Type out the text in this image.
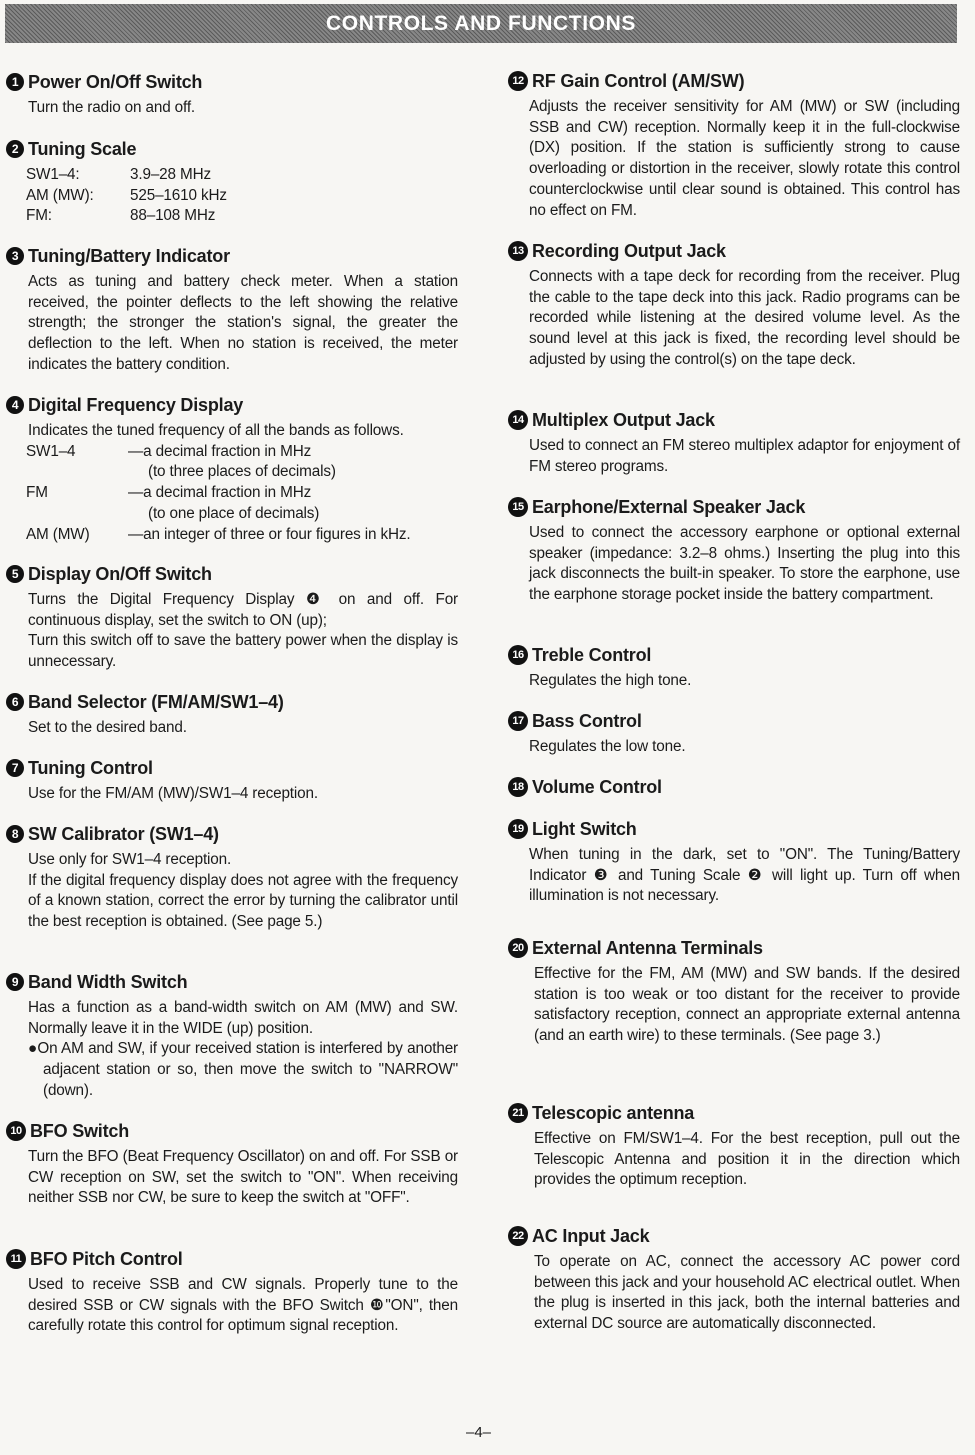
CONTROLS AND FUNCTIONS
1 Power On/Off Switch
Turn the radio on and off.
2 Tuning Scale
SW1–4:	3.9–28 MHz
AM (MW):	525–1610 kHz
FM:	88–108 MHz
3 Tuning/Battery Indicator
Acts as tuning and battery check meter. When a station received, the pointer deflects to the left showing the relative strength; the stronger the station's signal, the greater the deflection to the left. When no station is received, the meter indicates the battery condition.
4 Digital Frequency Display
Indicates the tuned frequency of all the bands as follows.
SW1–4	—a decimal fraction in MHz
(to three places of decimals)
FM	—a decimal fraction in MHz
(to one place of decimals)
AM (MW)	—an integer of three or four figures in kHz.
5 Display On/Off Switch
Turns the Digital Frequency Display ❹ on and off. For continuous display, set the switch to ON (up);
Turn this switch off to save the battery power when the display is unnecessary.
6 Band Selector (FM/AM/SW1–4)
Set to the desired band.
7 Tuning Control
Use for the FM/AM (MW)/SW1–4 reception.
8 SW Calibrator (SW1–4)
Use only for SW1–4 reception.
If the digital frequency display does not agree with the frequency of a known station, correct the error by turning the calibrator until the best reception is obtained. (See page 5.)
9 Band Width Switch
Has a function as a band-width switch on AM (MW) and SW. Normally leave it in the WIDE (up) position.
●On AM and SW, if your received station is interfered by another adjacent station or so, then move the switch to "NARROW"(down).
10 BFO Switch
Turn the BFO (Beat Frequency Oscillator) on and off. For SSB or CW reception on SW, set the switch to "ON". When receiving neither SSB nor CW, be sure to keep the switch at "OFF".
11 BFO Pitch Control
Used to receive SSB and CW signals. Properly tune to the desired SSB or CW signals with the BFO Switch ❿"ON", then carefully rotate this control for optimum signal reception.
12 RF Gain Control (AM/SW)
Adjusts the receiver sensitivity for AM (MW) or SW (including SSB and CW) reception. Normally keep it in the full-clockwise (DX) position. If the station is sufficiently strong to cause overloading or distortion in the receiver, slowly rotate this control counterclockwise until clear sound is obtained. This control has no effect on FM.
13 Recording Output Jack
Connects with a tape deck for recording from the receiver. Plug the cable to the tape deck into this jack. Radio programs can be recorded while listening at the desired volume level. As the sound level at this jack is fixed, the recording level should be adjusted by using the control(s) on the tape deck.
14 Multiplex Output Jack
Used to connect an FM stereo multiplex adaptor for enjoyment of FM stereo programs.
15 Earphone/External Speaker Jack
Used to connect the accessory earphone or optional external speaker (impedance: 3.2–8 ohms.) Inserting the plug into this jack disconnects the built-in speaker. To store the earphone, use the earphone storage pocket inside the battery compartment.
16 Treble Control
Regulates the high tone.
17 Bass Control
Regulates the low tone.
18 Volume Control
19 Light Switch
When tuning in the dark, set to "ON". The Tuning/Battery Indicator ❸ and Tuning Scale ❷ will light up. Turn off when illumination is not necessary.
20 External Antenna Terminals
Effective for the FM, AM (MW) and SW bands. If the desired station is too weak or too distant for the receiver to provide satisfactory reception, connect an appropriate external antenna (and an earth wire) to these terminals. (See page 3.)
21 Telescopic antenna
Effective on FM/SW1–4. For the best reception, pull out the Telescopic Antenna and position it in the direction which provides the optimum reception.
22 AC Input Jack
To operate on AC, connect the accessory AC power cord between this jack and your household AC electrical outlet. When the plug is inserted in this jack, both the internal batteries and external DC source are automatically disconnected.
–4–
